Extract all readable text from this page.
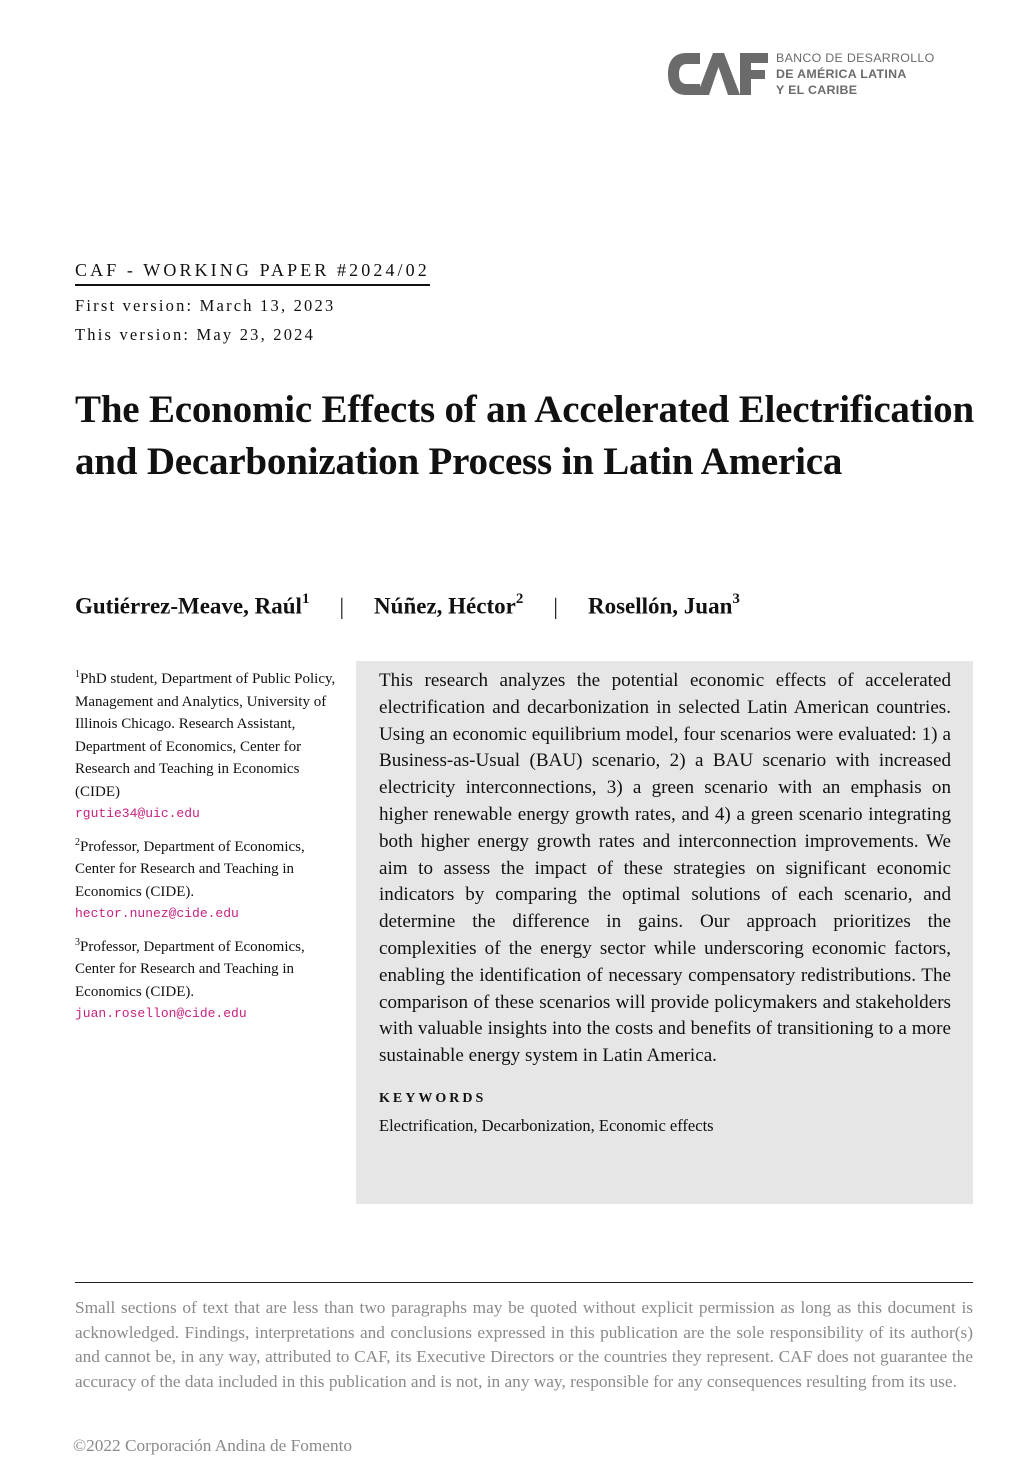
BANCO DE DESARROLLO
DE AMÉRICA LATINA
Y EL CARIBE
CAF - WORKING PAPER #2024/02
First version: March 13, 2023
This version: May 23, 2024
The Economic Effects of an Accelerated Electrification and Decarbonization Process in Latin America
Gutiérrez-Meave, Raúl$^1$ | Núñez, Héctor$^2$ | Rosellón, Juan$^3$
$^1$PhD student, Department of Public Policy, Management and Analytics, University of Illinois Chicago. Research Assistant, Department of Economics, Center for Research and Teaching in Economics (CIDE)
rgutie34@uic.edu
$^2$Professor, Department of Economics, Center for Research and Teaching in Economics (CIDE).
hector.nunez@cide.edu
$^3$Professor, Department of Economics, Center for Research and Teaching in Economics (CIDE).
juan.rosellon@cide.edu

This research analyzes the potential economic effects of accelerated electrification and decarbonization in selected Latin American countries. Using an economic equilibrium model, four scenarios were evaluated: 1) a Business-as-Usual (BAU) scenario, 2) a BAU scenario with increased electricity interconnections, 3) a green scenario with an emphasis on higher renewable energy growth rates, and 4) a green scenario integrating both higher energy growth rates and interconnection improvements. We aim to assess the impact of these strategies on significant economic indicators by comparing the optimal solutions of each scenario, and determine the difference in gains. Our approach prioritizes the complexities of the energy sector while underscoring economic factors, enabling the identification of necessary compensatory redistributions. The comparison of these scenarios will provide policymakers and stakeholders with valuable insights into the costs and benefits of transitioning to a more sustainable energy system in Latin America.

KEYWORDS
Electrification, Decarbonization, Economic effects

Small sections of text that are less than two paragraphs may be quoted without explicit permission as long as this document is acknowledged. Findings, interpretations and conclusions expressed in this publication are the sole responsibility of its author(s) and cannot be, in any way, attributed to CAF, its Executive Directors or the countries they represent. CAF does not guarantee the accuracy of the data included in this publication and is not, in any way, responsible for any consequences resulting from its use.

©2022 Corporación Andina de Fomento
